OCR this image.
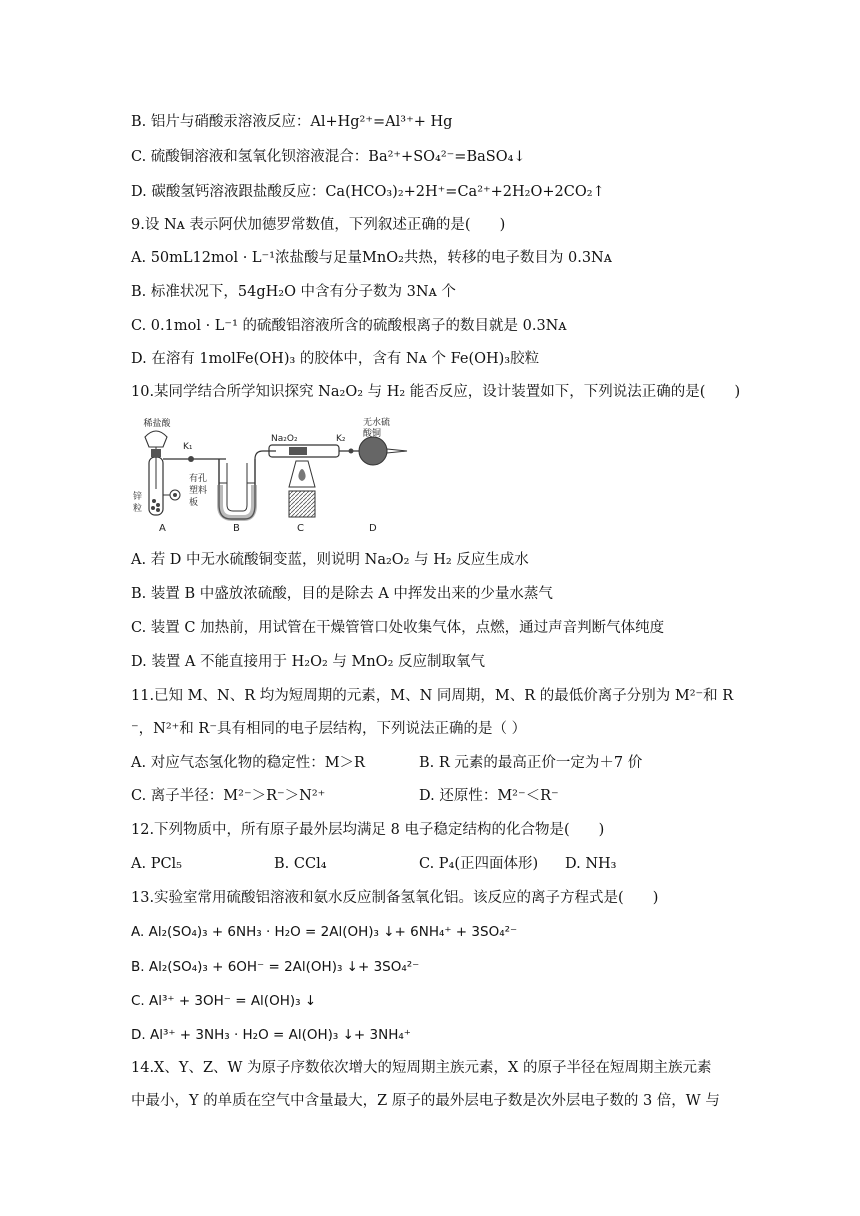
B. 铝片与硝酸汞溶液反应：Al+Hg²⁺=Al³⁺+ Hg
C. 硫酸铜溶液和氢氧化钡溶液混合：Ba²⁺+SO₄²⁻=BaSO₄↓
D. 碳酸氢钙溶液跟盐酸反应：Ca(HCO₃)₂+2H⁺=Ca²⁺+2H₂O+2CO₂↑
9.设 Nᴀ 表示阿伏加德罗常数值，下列叙述正确的是(　　)
A. 50mL12mol · L⁻¹浓盐酸与足量MnO₂共热，转移的电子数目为 0.3Nᴀ
B. 标准状况下，54gH₂O 中含有分子数为 3Nᴀ 个
C. 0.1mol · L⁻¹ 的硫酸铝溶液所含的硫酸根离子的数目就是 0.3Nᴀ
D. 在溶有 1molFe(OH)₃ 的胶体中，含有 Nᴀ 个 Fe(OH)₃胶粒
10.某同学结合所学知识探究 Na₂O₂ 与 H₂ 能否反应，设计装置如下，下列说法正确的是(　　)
稀盐酸
K₁
有孔
塑料
板
锌
粒
Na₂O₂	K₂
无水硫
酸铜
A	B	C	D
A. 若 D 中无水硫酸铜变蓝，则说明 Na₂O₂ 与 H₂ 反应生成水
B. 装置 B 中盛放浓硫酸，目的是除去 A 中挥发出来的少量水蒸气
C. 装置 C 加热前，用试管在干燥管管口处收集气体，点燃，通过声音判断气体纯度
D. 装置 A 不能直接用于 H₂O₂ 与 MnO₂ 反应制取氧气
11.已知 M、N、R 均为短周期的元素，M、N 同周期，M、R 的最低价离子分别为 M²⁻和 R
⁻，N²⁺和 R⁻具有相同的电子层结构，下列说法正确的是（ ）
A. 对应气态氢化物的稳定性：M＞R	B. R 元素的最高正价一定为＋7 价
C. 离子半径：M²⁻＞R⁻＞N²⁺	D. 还原性：M²⁻＜R⁻
12.下列物质中，所有原子最外层均满足 8 电子稳定结构的化合物是(　　)
A. PCl₅	B. CCl₄	C. P₄(正四面体形) D. NH₃
13.实验室常用硫酸铝溶液和氨水反应制备氢氧化铝。该反应的离子方程式是(　　)
A. Al₂(SO₄)₃ + 6NH₃ · H₂O = 2Al(OH)₃ ↓+ 6NH₄⁺ + 3SO₄²⁻
B. Al₂(SO₄)₃ + 6OH⁻ = 2Al(OH)₃ ↓+ 3SO₄²⁻
C. Al³⁺ + 3OH⁻ = Al(OH)₃ ↓
D. Al³⁺ + 3NH₃ · H₂O = Al(OH)₃ ↓+ 3NH₄⁺
14.X、Y、Z、W 为原子序数依次增大的短周期主族元素，X 的原子半径在短周期主族元素
中最小，Y 的单质在空气中含量最大，Z 原子的最外层电子数是次外层电子数的 3 倍，W 与
